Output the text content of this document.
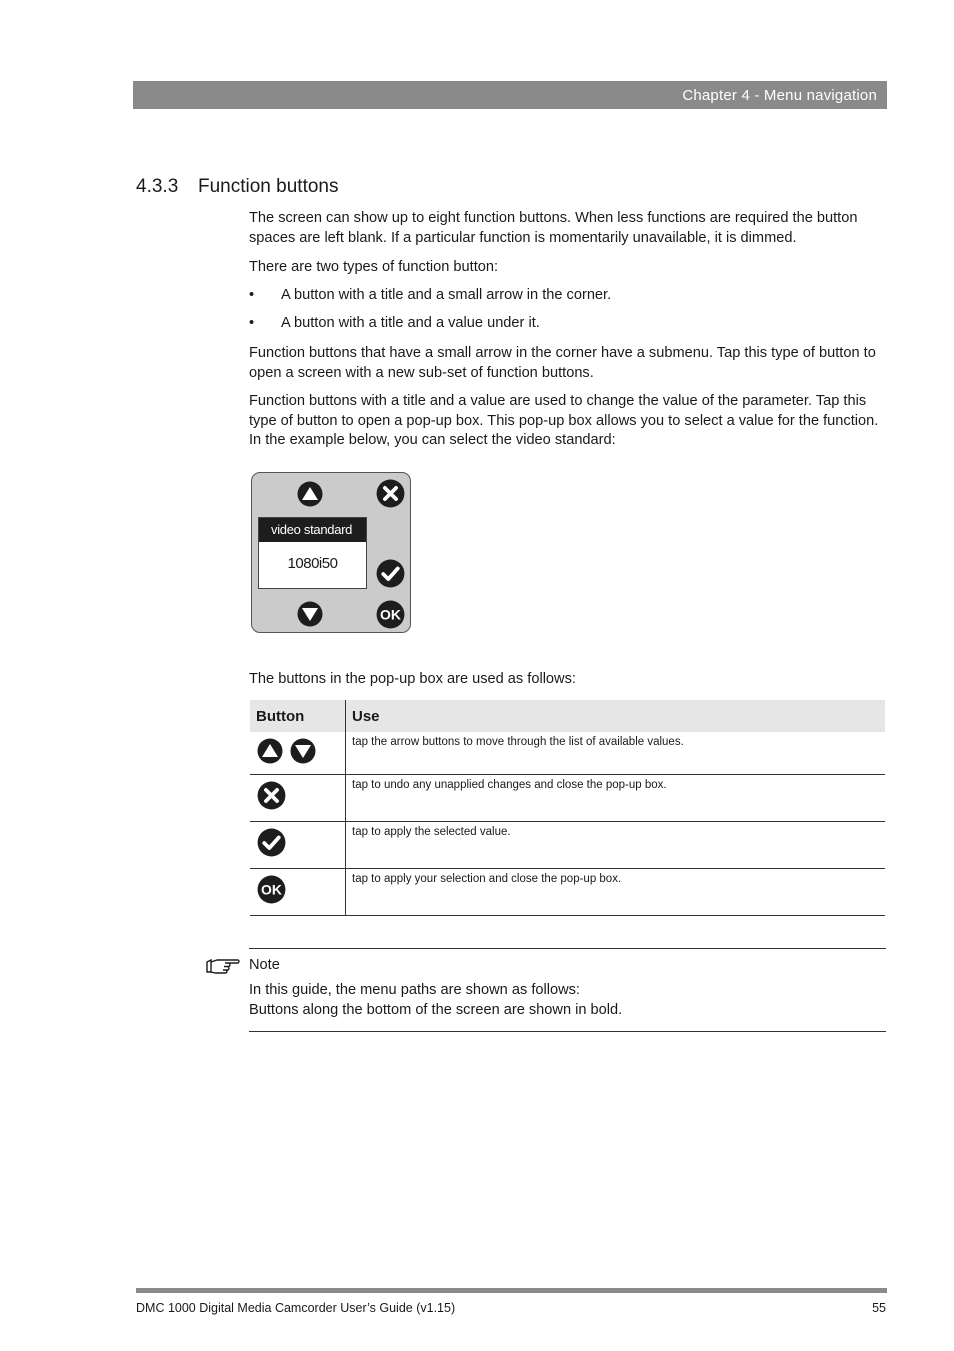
Chapter 4 - Menu navigation
4.3.3 Function buttons

The screen can show up to eight function buttons. When less functions are required the button spaces are left blank. If a particular function is momentarily unavailable, it is dimmed.

There are two types of function button:

• A button with a title and a small arrow in the corner.
• A button with a title and a value under it.

Function buttons that have a small arrow in the corner have a submenu. Tap this type of button to open a screen with a new sub-set of function buttons.

Function buttons with a title and a value are used to change the value of the parameter. Tap this type of button to open a pop-up box. This pop-up box allows you to select a value for the function. In the example below, you can select the video standard:

video standard
1080i50
OK

The buttons in the pop-up box are used as follows:

Button	Use
	tap the arrow buttons to move through the list of available values.
	tap to undo any unapplied changes and close the pop-up box.
	tap to apply the selected value.

OK	tap to apply your selection and close the pop-up box.
Note
In this guide, the menu paths are shown as follows:
Buttons along the bottom of the screen are shown in bold.
DMC 1000 Digital Media Camcorder User’s Guide (v1.15)	55
